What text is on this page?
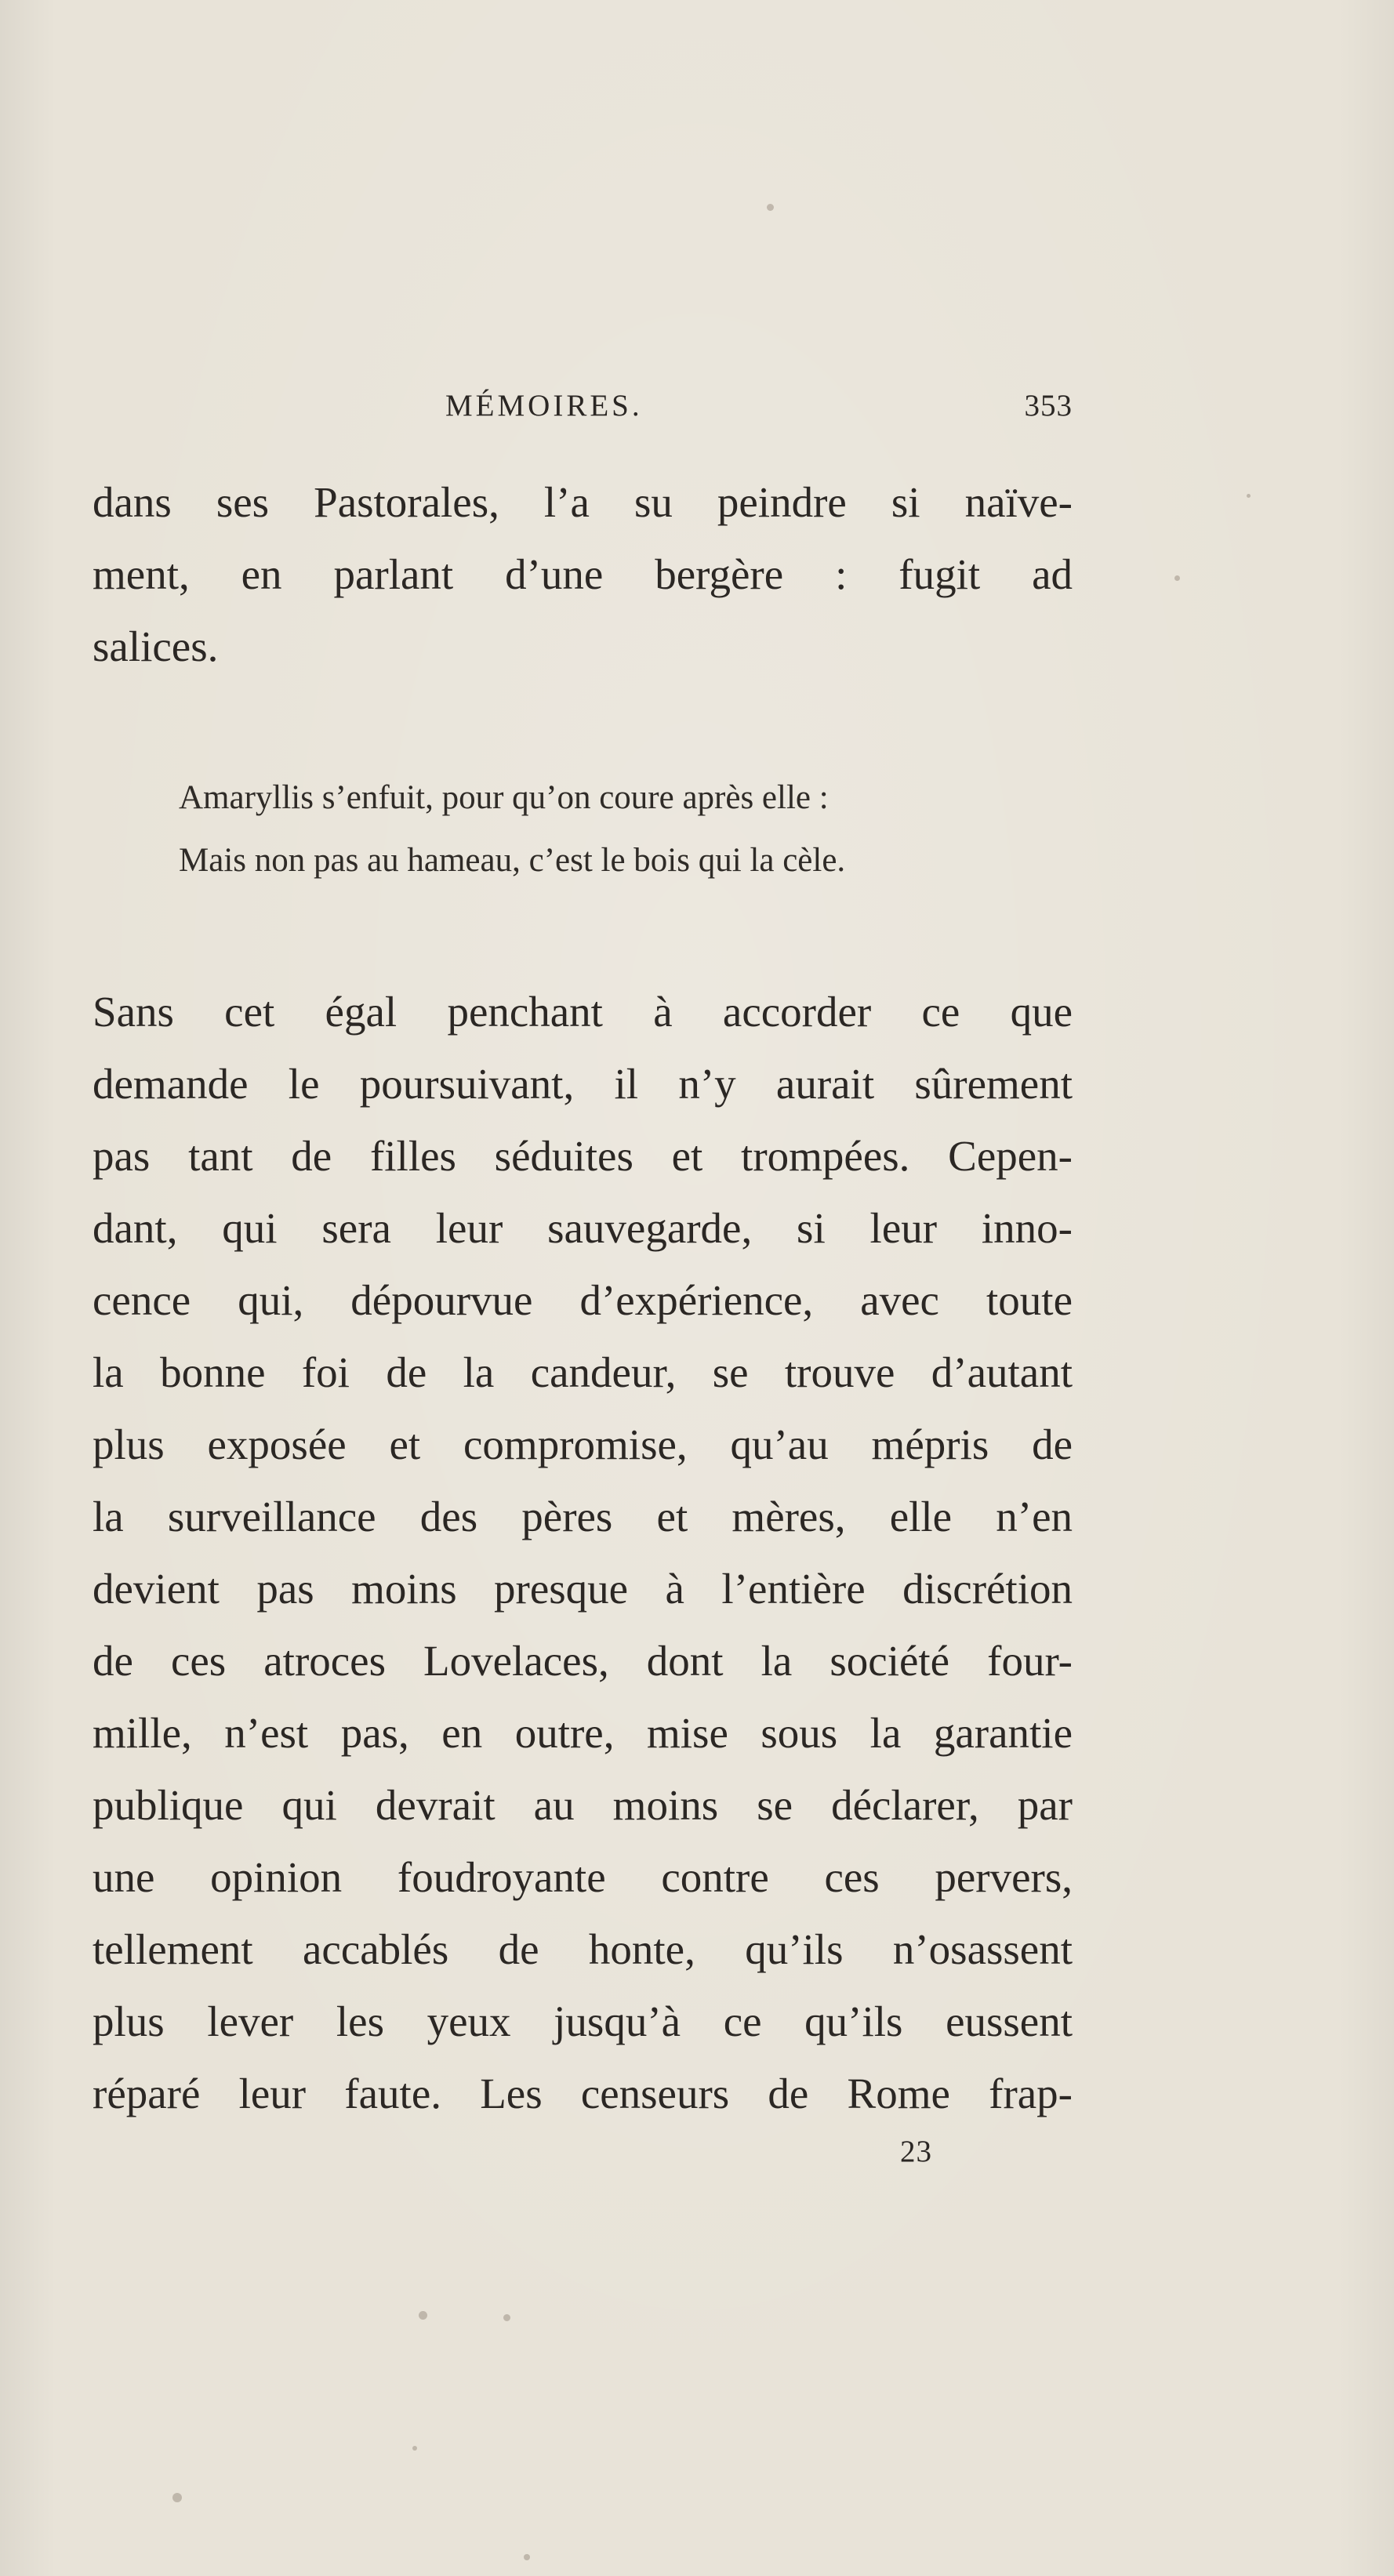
MÉMOIRES.	353
dans ses Pastorales, l’a su peindre si naïve-
ment, en parlant d’une bergère : fugit ad
salices.
Amaryllis s’enfuit, pour qu’on coure après elle :
Mais non pas au hameau, c’est le bois qui la cèle.
Sans cet égal penchant à accorder ce que
demande le poursuivant, il n’y aurait sûrement
pas tant de filles séduites et trompées. Cepen-
dant, qui sera leur sauvegarde, si leur inno-
cence qui, dépourvue d’expérience, avec toute
la bonne foi de la candeur, se trouve d’autant
plus exposée et compromise, qu’au mépris de
la surveillance des pères et mères, elle n’en
devient pas moins presque à l’entière discrétion
de ces atroces Lovelaces, dont la société four-
mille, n’est pas, en outre, mise sous la garantie
publique qui devrait au moins se déclarer, par
une opinion foudroyante contre ces pervers,
tellement accablés de honte, qu’ils n’osassent
plus lever les yeux jusqu’à ce qu’ils eussent
réparé leur faute. Les censeurs de Rome frap-
23
